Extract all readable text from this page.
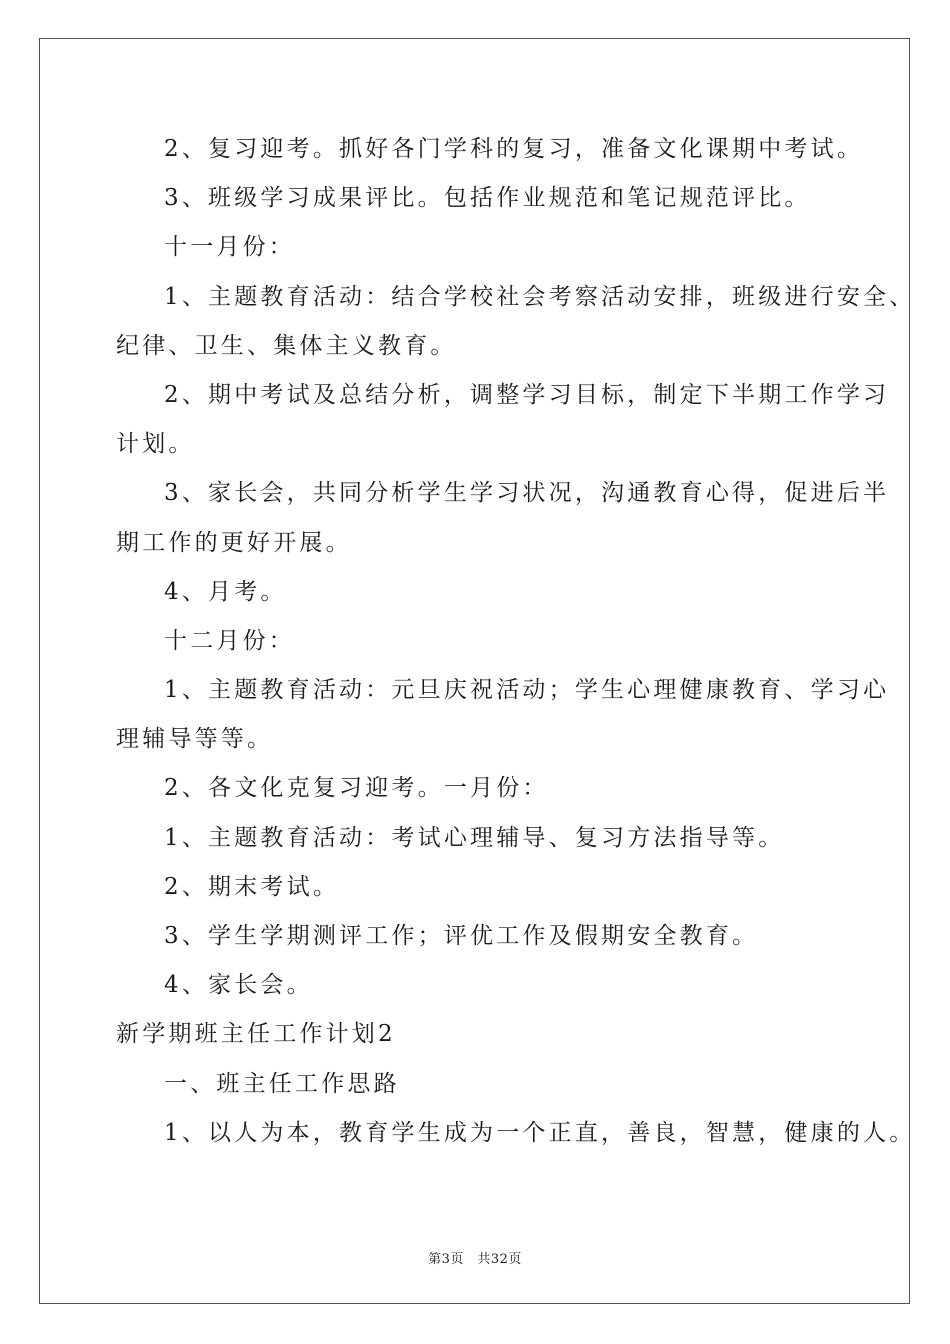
2、复习迎考。抓好各门学科的复习，准备文化课期中考试。
3、班级学习成果评比。包括作业规范和笔记规范评比。
十一月份：
1、主题教育活动：结合学校社会考察活动安排，班级进行安全、
纪律、卫生、集体主义教育。
2、期中考试及总结分析，调整学习目标，制定下半期工作学习
计划。
3、家长会，共同分析学生学习状况，沟通教育心得，促进后半
期工作的更好开展。
4、月考。
十二月份：
1、主题教育活动：元旦庆祝活动；学生心理健康教育、学习心
理辅导等等。
2、各文化克复习迎考。一月份：
1、主题教育活动：考试心理辅导、复习方法指导等。
2、期末考试。
3、学生学期测评工作；评优工作及假期安全教育。
4、家长会。
新学期班主任工作计划2
一、班主任工作思路
1、以人为本，教育学生成为一个正直，善良，智慧，健康的人。
第3页　共32页
